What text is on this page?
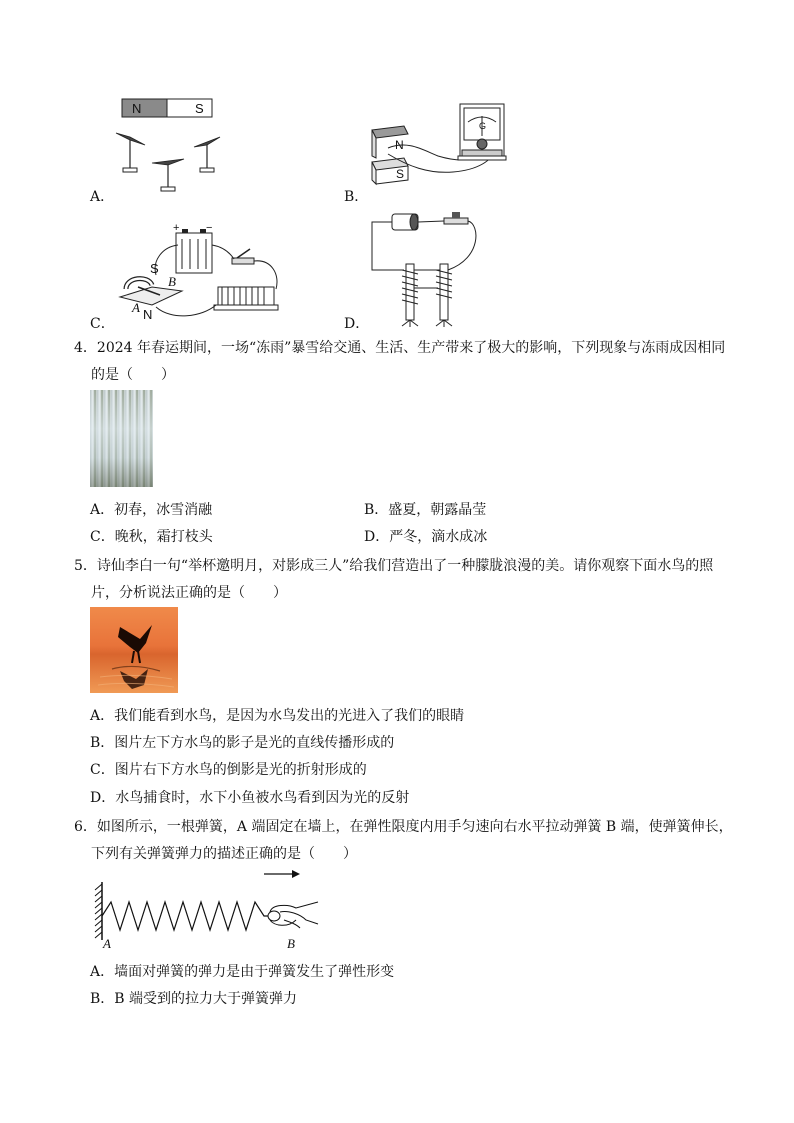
N	S
A．
N
S
G
B．
+ −
S
B
A N
C．	D．
4．2024 年春运期间，一场“冻雨”暴雪给交通、生活、生产带来了极大的影响，下列现象与冻雨成因相同
的是（　　）
A．初春，冰雪消融	B．盛夏，朝露晶莹
C．晚秋，霜打枝头	D．严冬，滴水成冰
5．诗仙李白一句“举杯邀明月，对影成三人”给我们营造出了一种朦胧浪漫的美。请你观察下面水鸟的照
片，分析说法正确的是（　　）
A．我们能看到水鸟，是因为水鸟发出的光进入了我们的眼睛
B．图片左下方水鸟的影子是光的直线传播形成的
C．图片右下方水鸟的倒影是光的折射形成的
D．水鸟捕食时，水下小鱼被水鸟看到因为光的反射
6．如图所示，一根弹簧，A 端固定在墙上，在弹性限度内用手匀速向右水平拉动弹簧 B 端，使弹簧伸长，
下列有关弹簧弹力的描述正确的是（　　）
A	B
A．墙面对弹簧的弹力是由于弹簧发生了弹性形变
B．B 端受到的拉力大于弹簧弹力
